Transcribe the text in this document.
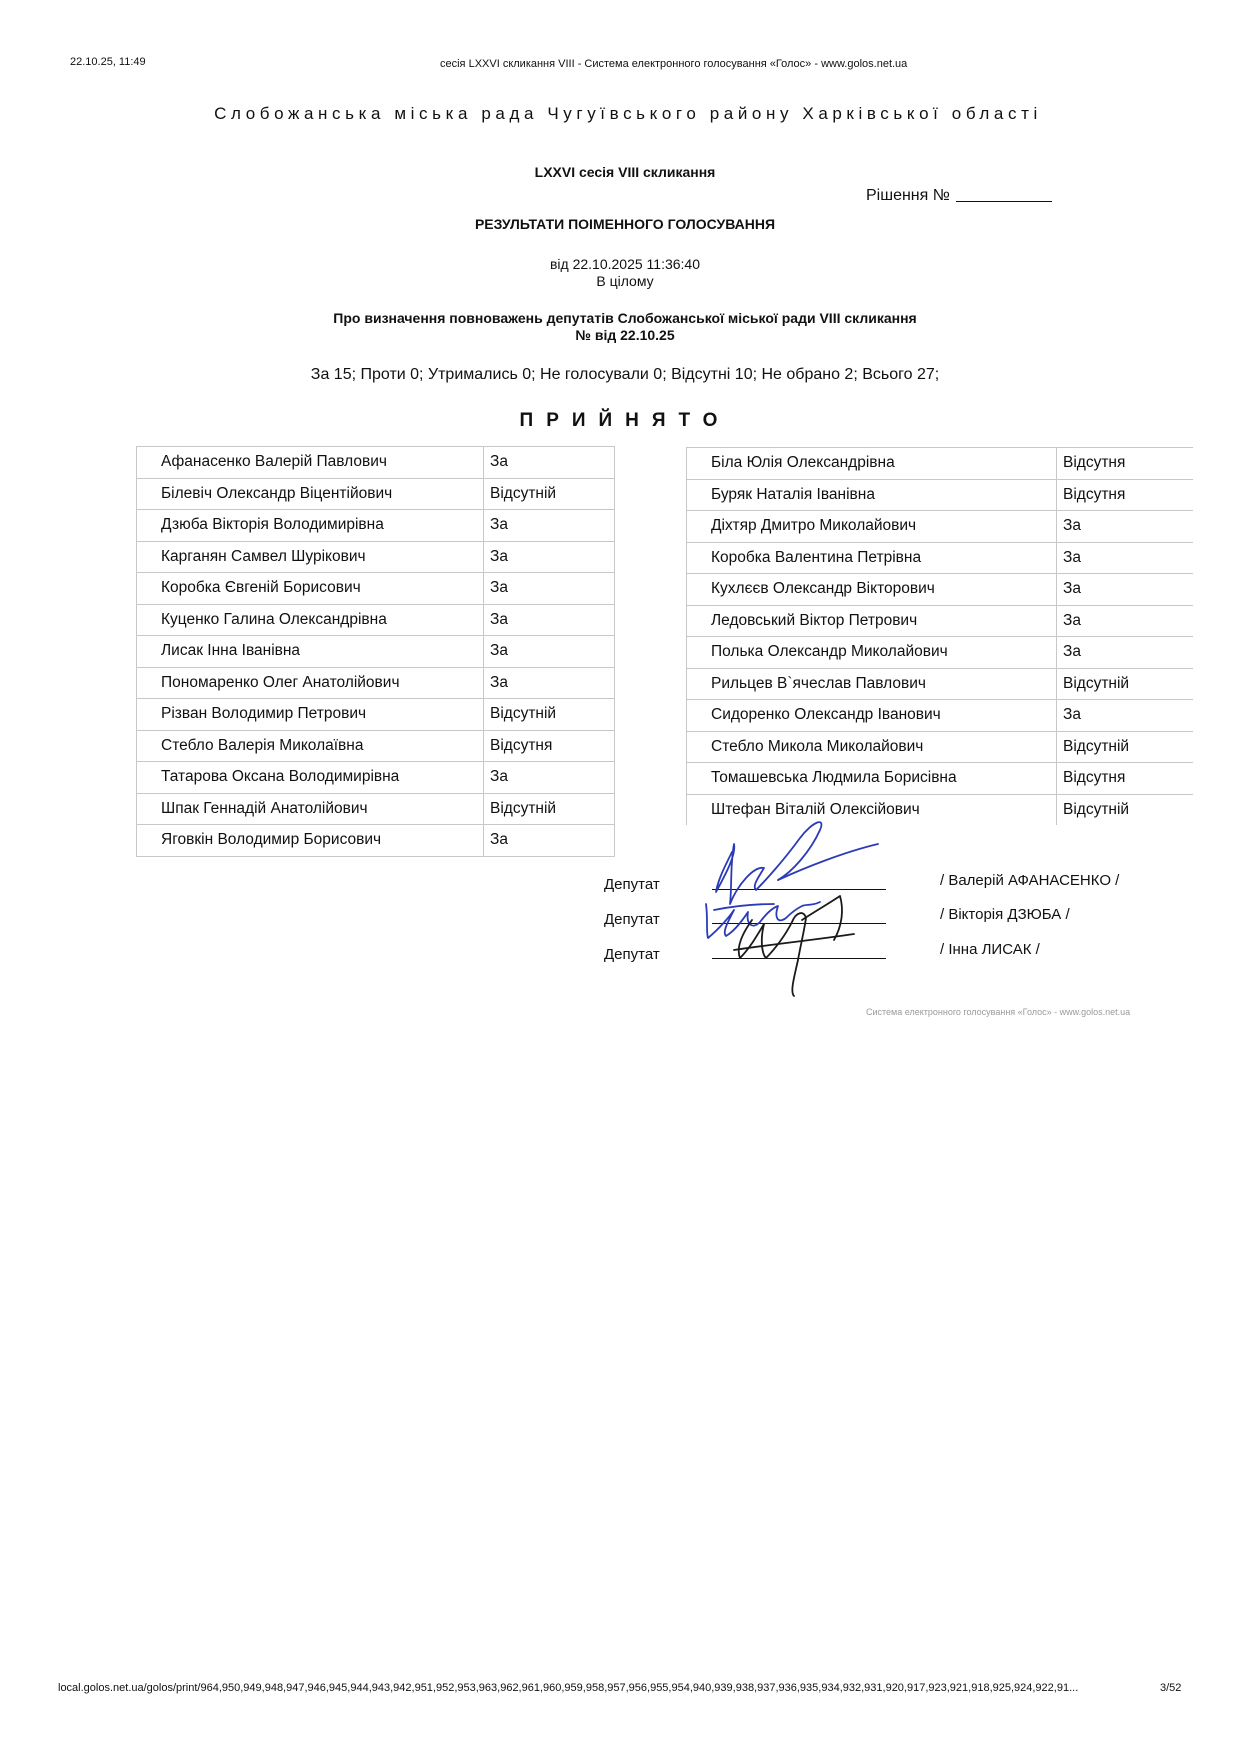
22.10.25, 11:49	сесія LXXVI скликання VIII - Система електронного голосування «Голос» - www.golos.net.ua
Слобожанська міська рада Чугуївського району Харківської області
LXXVI сесія VIII скликання
Рішення №
РЕЗУЛЬТАТИ ПОІМЕННОГО ГОЛОСУВАННЯ
від 22.10.2025 11:36:40
В цілому
Про визначення повноважень депутатів Слобожанської міської ради VIII скликання
№ від 22.10.25
За 15; Проти 0; Утримались 0; Не голосували 0; Відсутні 10; Не обрано 2; Всього 27;
ПРИЙНЯТО
Афанасенко Валерій Павлович	За
Білевіч Олександр Віцентійович	Відсутній
Дзюба Вікторія Володимирівна	За
Карганян Самвел Шурікович	За
Коробка Євгеній Борисович	За
Куценко Галина Олександрівна	За
Лисак Інна Іванівна	За
Пономаренко Олег Анатолійович	За
Різван Володимир Петрович	Відсутній
Стебло Валерія Миколаївна	Відсутня
Татарова Оксана Володимирівна	За
Шпак Геннадій Анатолійович	Відсутній
Яговкін Володимир Борисович	За
Біла Юлія Олександрівна	Відсутня
Буряк Наталія Іванівна	Відсутня
Діхтяр Дмитро Миколайович	За
Коробка Валентина Петрівна	За
Кухлєєв Олександр Вікторович	За
Ледовський Віктор Петрович	За
Полька Олександр Миколайович	За
Рильцев В`ячеслав Павлович	Відсутній
Сидоренко Олександр Іванович	За
Стебло Микола Миколайович	Відсутній
Томашевська Людмила Борисівна	Відсутня
Штефан Віталій Олексійович	Відсутній
Депутат
Депутат
Депутат
/ Валерій АФАНАСЕНКО /
/ Вікторія ДЗЮБА /
/ Інна ЛИСАК /
Система електронного голосування «Голос» - www.golos.net.ua
local.golos.net.ua/golos/print/964,950,949,948,947,946,945,944,943,942,951,952,953,963,962,961,960,959,958,957,956,955,954,940,939,938,937,936,935,934,932,931,920,917,923,921,918,925,924,922,91...	3/52
